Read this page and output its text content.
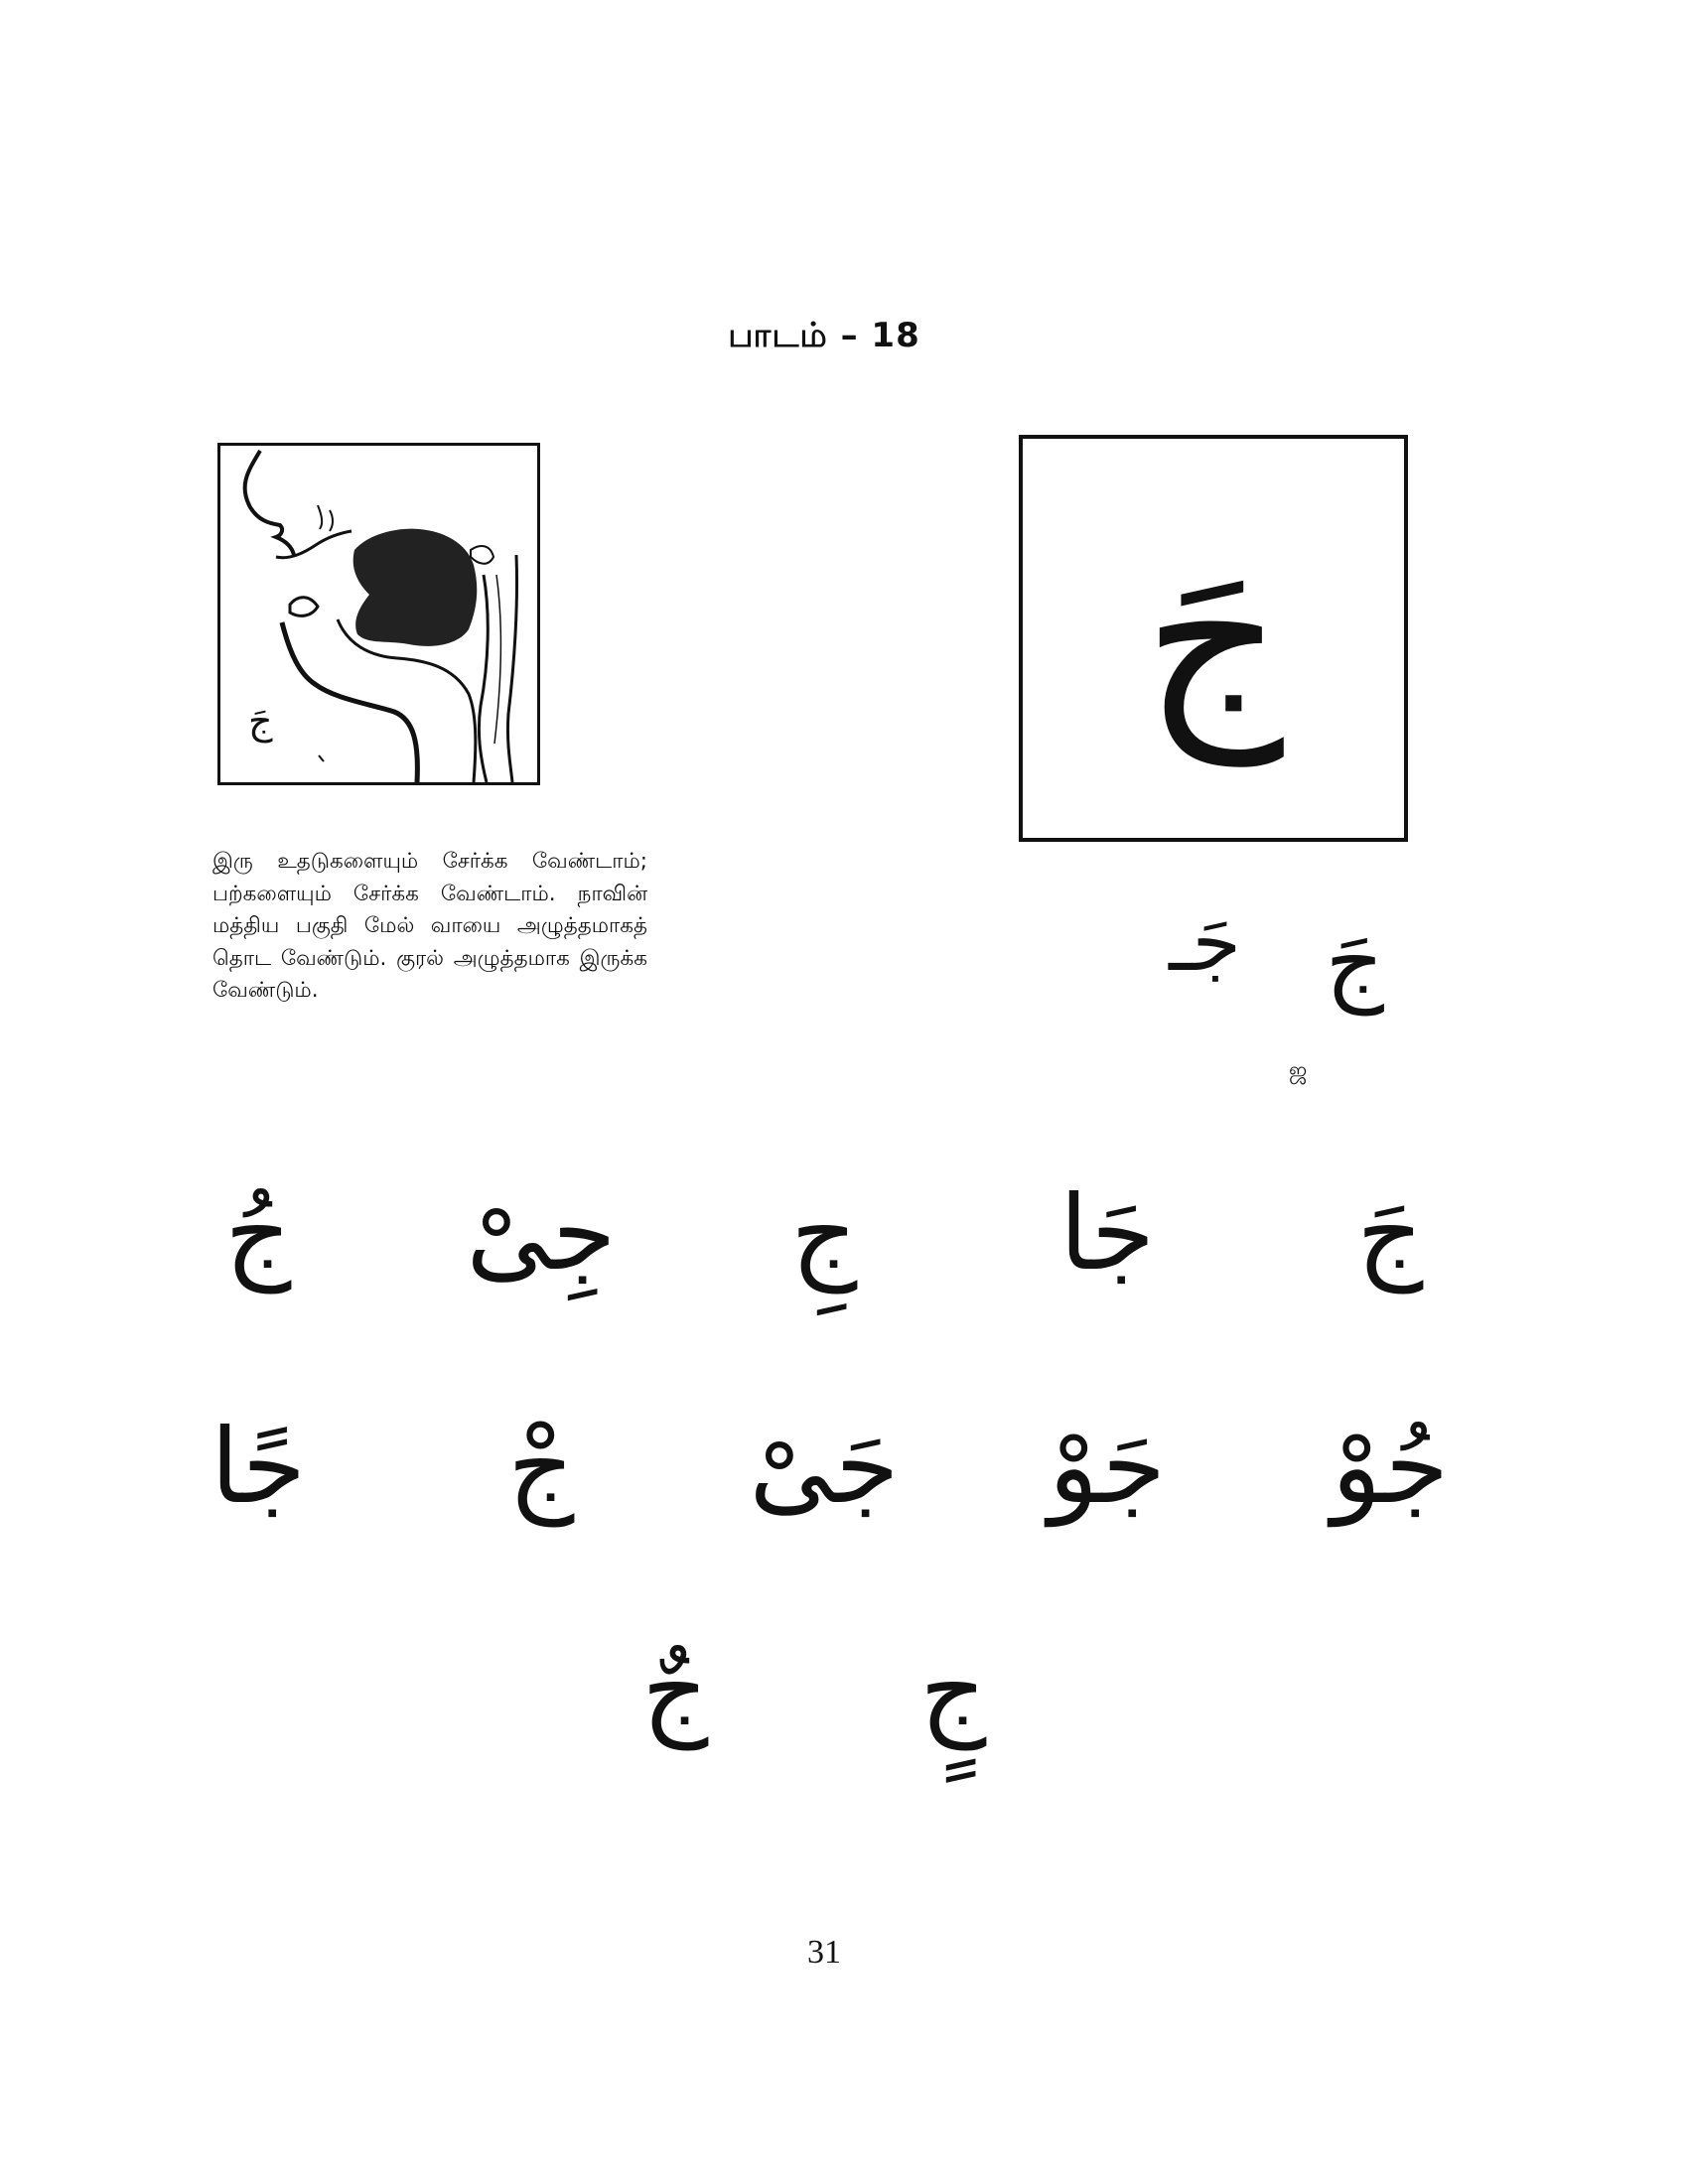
பாடம் – 18
جَ
இரு உதடுகளையும் சேர்க்க வேண்டாம்; பற்களையும் சேர்க்க வேண்டாம். நாவின் மத்திய பகுதி மேல் வாயை அழுத்தமாகத் தொட வேண்டும். குரல் அழுத்தமாக இருக்க வேண்டும்.
جَ
جَ
جَـ
ஜ
جَ
جَا
جِ
جِىْ
جُ
جُوْ
جَوْ
جَىْ
جْ
جًا
جٍ
جٌ
31
